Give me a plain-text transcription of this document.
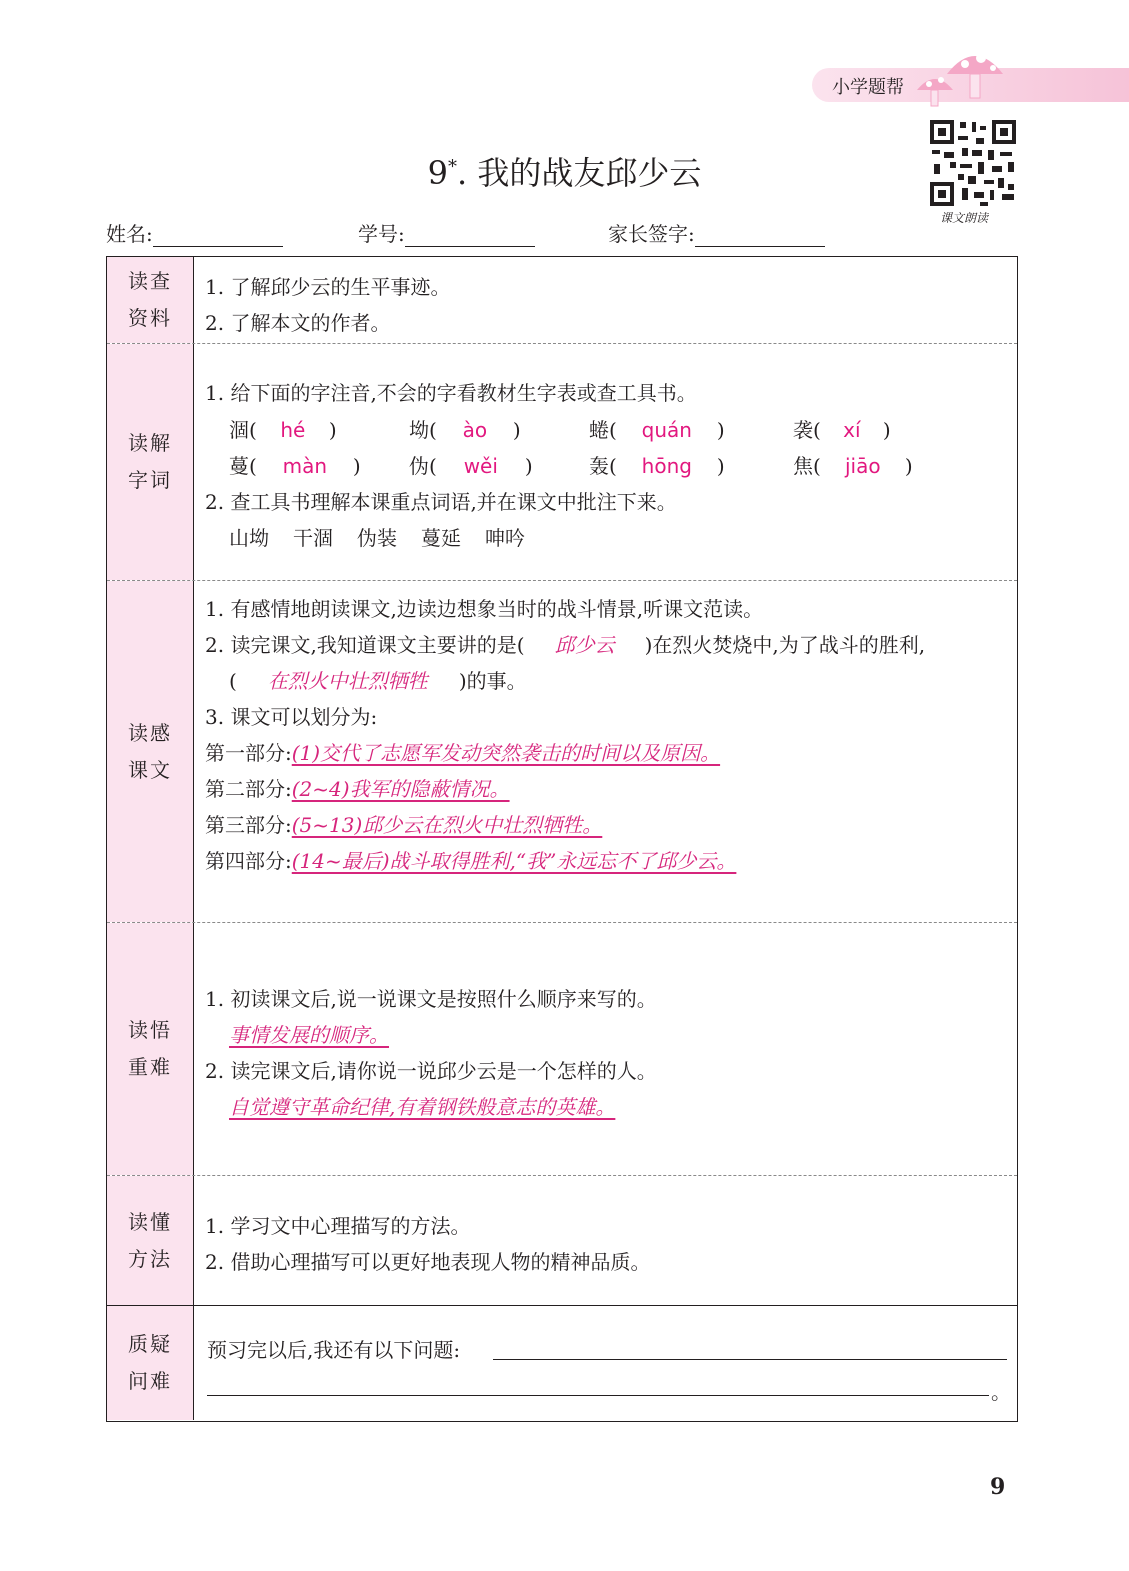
小学题帮
课文朗读
9*. 我的战友邱少云
姓名:	学号:	家长签字:
读查
资料
1. 了解邱少云的生平事迹。
2. 了解本文的作者。
读解
字词
1. 给下面的字注音,不会的字看教材生字表或查工具书。
涸( hé )	坳( ào )	蜷( quán )	袭( xí )
蔓( màn ) 伪( wěi )	轰( hōng )	焦( jiāo )
2. 查工具书理解本课重点词语,并在课文中批注下来。
山坳 干涸 伪装 蔓延 呻吟
读感
课文
1. 有感情地朗读课文,边读边想象当时的战斗情景,听课文范读。
2. 读完课文,我知道课文主要讲的是( 邱少云 )在烈火焚烧中,为了战斗的胜利,
( 在烈火中壮烈牺牲 )的事。
3. 课文可以划分为:
第一部分:(1)交代了志愿军发动突然袭击的时间以及原因。
第二部分:(2~4)我军的隐蔽情况。
第三部分:(5~13)邱少云在烈火中壮烈牺牲。
第四部分:(14~最后)战斗取得胜利,“我”永远忘不了邱少云。
读悟
重难
1. 初读课文后,说一说课文是按照什么顺序来写的。
事情发展的顺序。
2. 读完课文后,请你说一说邱少云是一个怎样的人。
自觉遵守革命纪律,有着钢铁般意志的英雄。
读懂
方法
1. 学习文中心理描写的方法。
2. 借助心理描写可以更好地表现人物的精神品质。
质疑
问难
预习完以后,我还有以下问题:
。
9
